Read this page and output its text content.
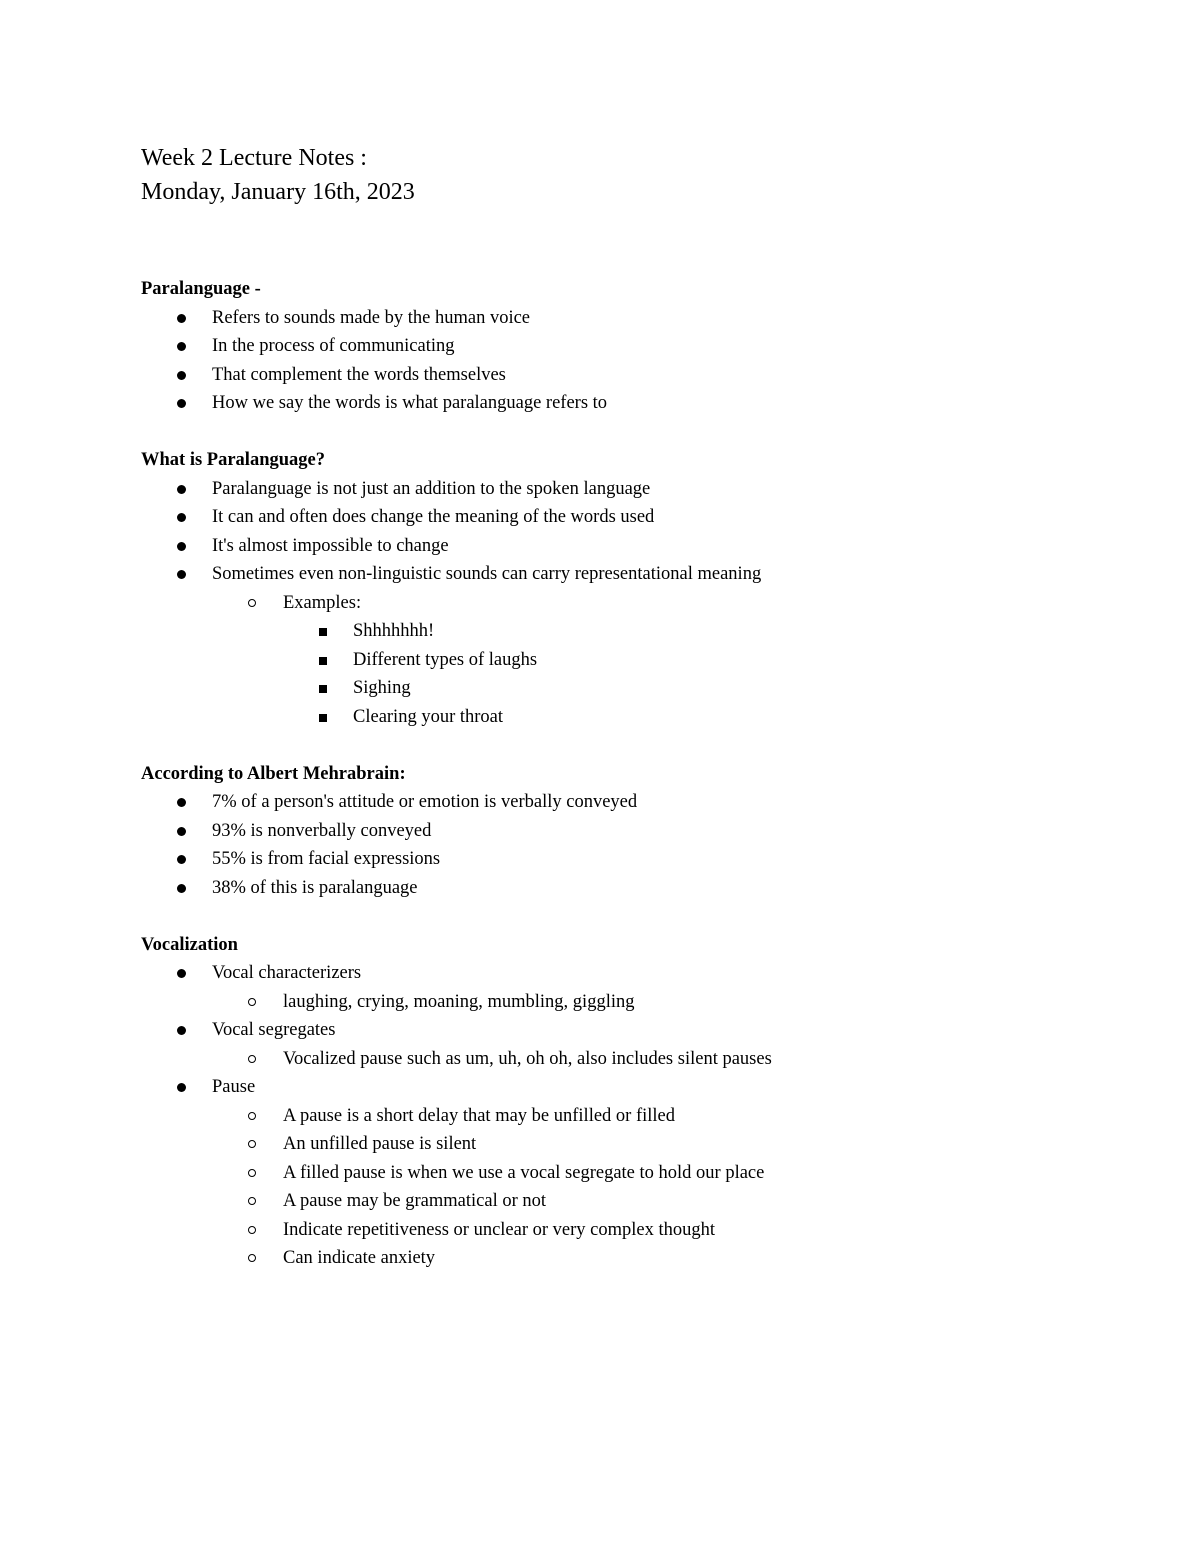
Week 2 Lecture Notes :

Monday, January 16th, 2023

Paralanguage -

Refers to sounds made by the human voice
In the process of communicating
That complement the words themselves
How we say the words is what paralanguage refers to

What is Paralanguage?

Paralanguage is not just an addition to the spoken language
It can and often does change the meaning of the words used
It's almost impossible to change
Sometimes even non-linguistic sounds can carry representational meaning
Examples:
Shhhhhhh!
Different types of laughs
Sighing
Clearing your throat

According to Albert Mehrabrain:

7% of a person's attitude or emotion is verbally conveyed
93% is nonverbally conveyed
55% is from facial expressions
38% of this is paralanguage

Vocalization

Vocal characterizers
laughing, crying, moaning, mumbling, giggling
Vocal segregates
Vocalized pause such as um, uh, oh oh, also includes silent pauses
Pause
A pause is a short delay that may be unfilled or filled
An unfilled pause is silent
A filled pause is when we use a vocal segregate to hold our place
A pause may be grammatical or not
Indicate repetitiveness or unclear or very complex thought
Can indicate anxiety
